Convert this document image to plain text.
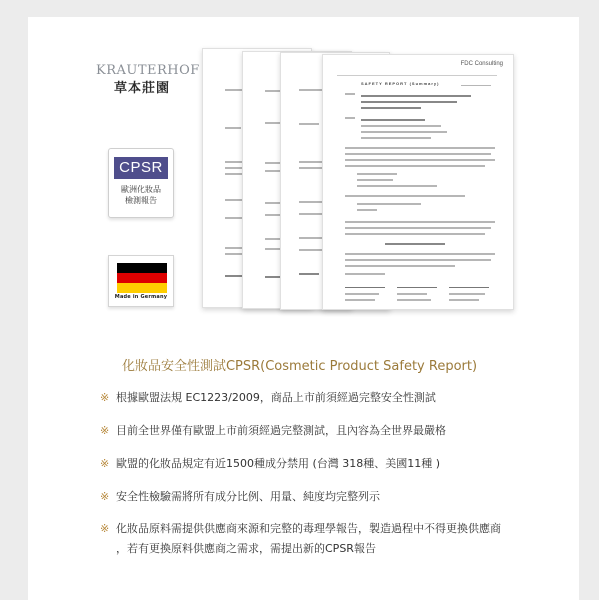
KRAUTERHOF
草本莊園
CPSR
歐洲化妝品
檢測報告
Made in Germany
FDC Consulting
SAFETY REPORT (Summary)
化妝品安全性測試CPSR(Cosmetic Product Safety Report)
※ 根據歐盟法規 EC1223/2009，商品上市前須經過完整安全性測試
※ 目前全世界僅有歐盟上市前須經過完整測試，且內容為全世界最嚴格
※ 歐盟的化妝品規定有近1500種成分禁用 (台灣 318種、美國11種 )
※ 安全性檢驗需將所有成分比例、用量、純度均完整列示
※ 化妝品原料需提供供應商來源和完整的毒理學報告，製造過程中不得更換供應商
，若有更換原料供應商之需求，需提出新的CPSR報告
